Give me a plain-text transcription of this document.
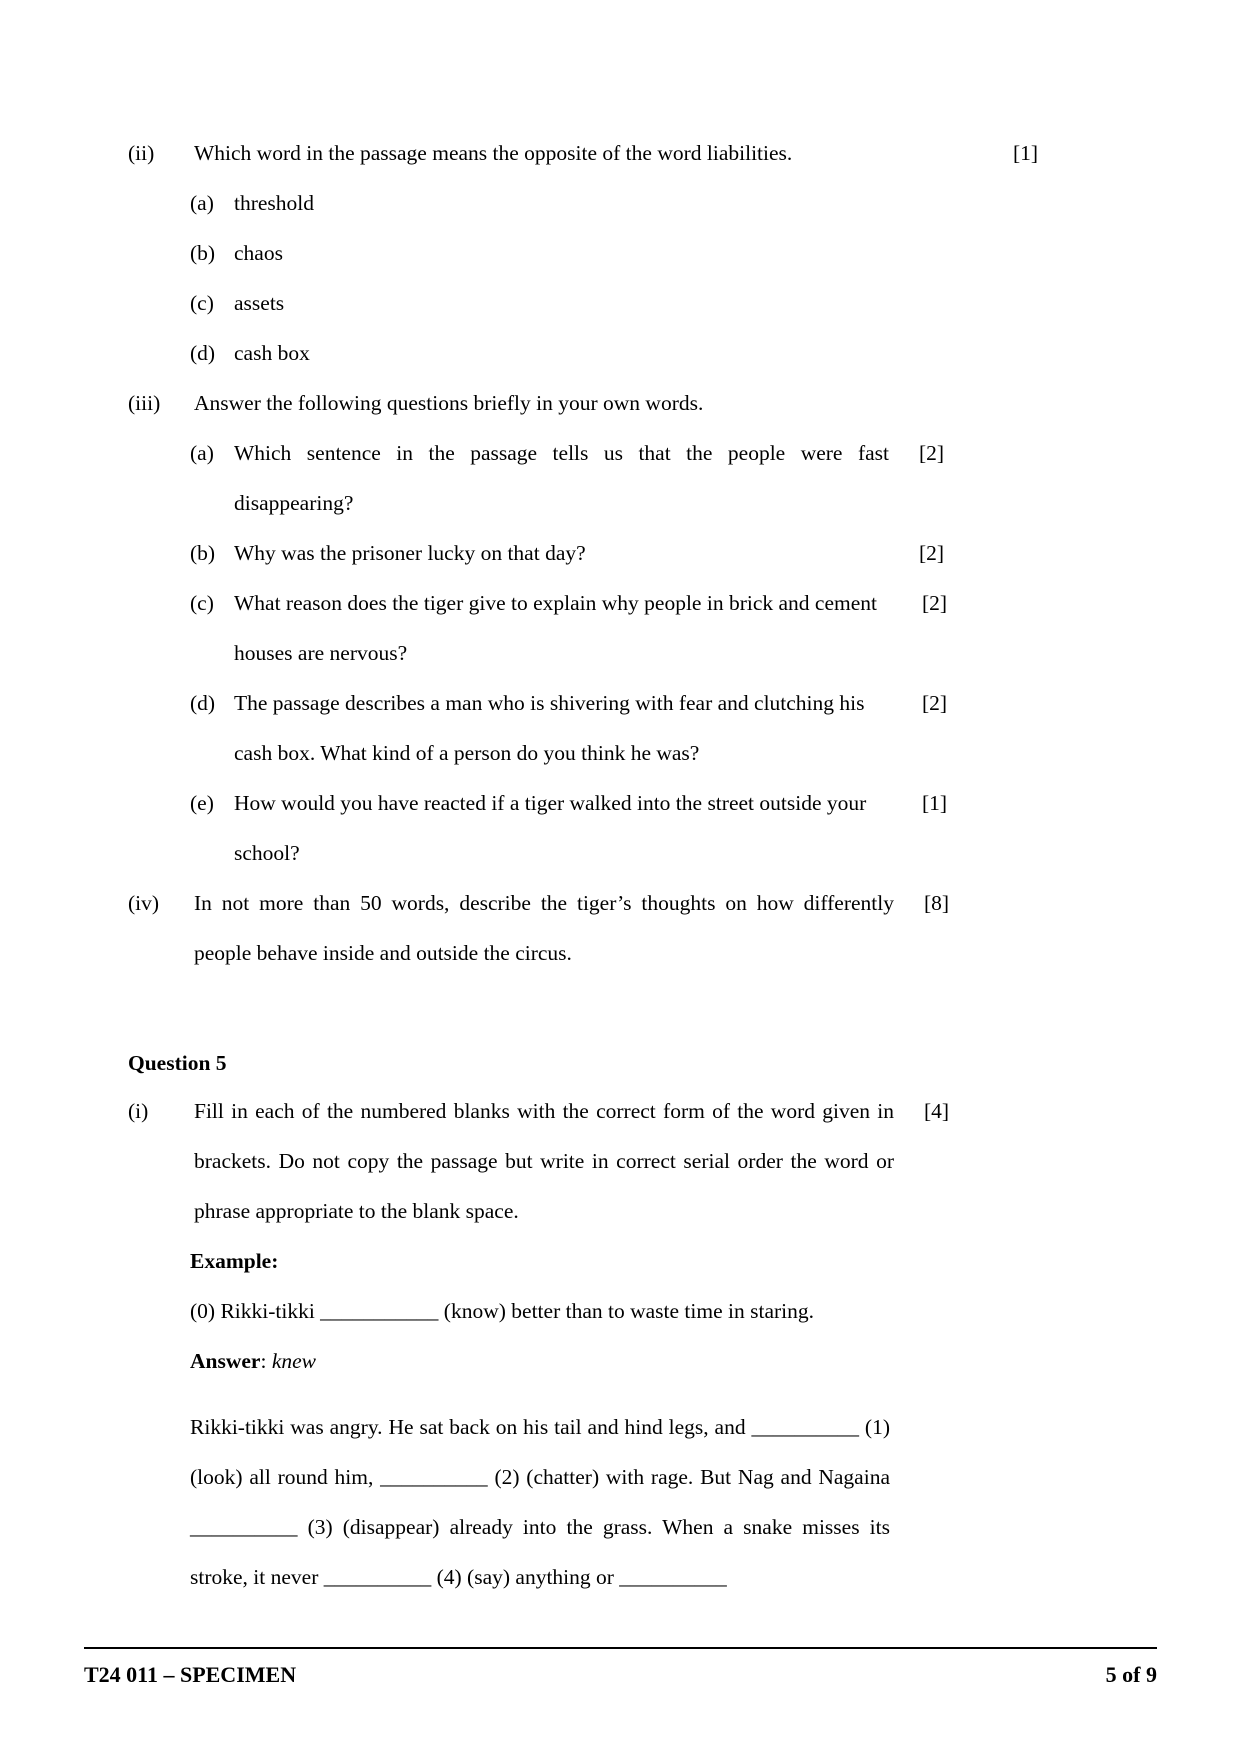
(ii)	Which word in the passage means the opposite of the word liabilities.	[1]
(a) threshold
(b) chaos
(c) assets
(d) cash box
(iii)	Answer the following questions briefly in your own words.
(a) Which sentence in the passage tells us that the people were fast disappearing?
[2]
(b) Why was the prisoner lucky on that day?	[2]
(c) What reason does the tiger give to explain why people in brick and cement houses are nervous?
[2]
(d) The passage describes a man who is shivering with fear and clutching his cash box. What kind of a person do you think he was?
[2]
(e) How would you have reacted if a tiger walked into the street outside your school?
[1]
(iv)	In not more than 50 words, describe the tiger’s thoughts on how differently people behave inside and outside the circus.
[8]
Question 5
(i)	Fill in each of the numbered blanks with the correct form of the word given in brackets. Do not copy the passage but write in correct serial order the word or phrase appropriate to the blank space.
[4]
Example:
(0) Rikki-tikki ___________ (know) better than to waste time in staring.
Answer: knew
Rikki-tikki was angry. He sat back on his tail and hind legs, and __________ (1) (look) all round him, __________ (2) (chatter) with rage. But Nag and Nagaina __________ (3) (disappear) already into the grass. When a snake misses its stroke, it never __________ (4) (say) anything or __________
T24 011 – SPECIMEN	5 of 9
